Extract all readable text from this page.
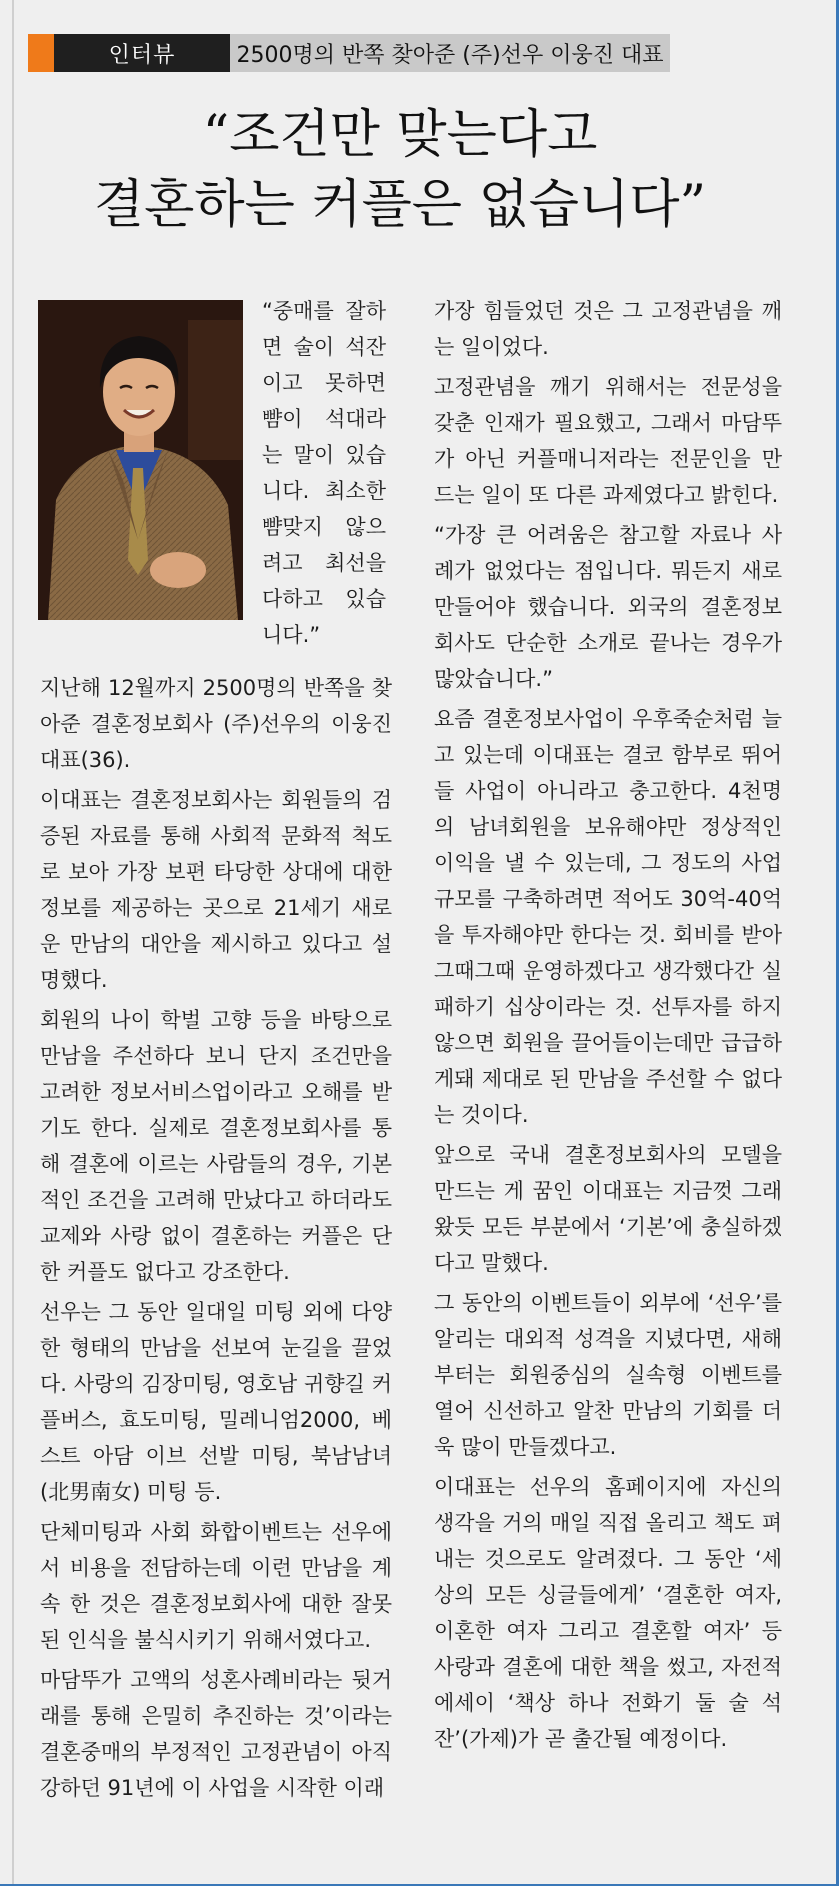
인터뷰	2500명의 반쪽 찾아준 (주)선우 이웅진 대표
“조건만 맞는다고
결혼하는 커플은 없습니다”

“중매를 잘하면 술이 석잔이고 못하면 뺨이 석대라는 말이 있습니다. 최소한 뺨맞지 않으려고 최선을 다하고 있습니다.”

지난해 12월까지 2500명의 반쪽을 찾아준 결혼정보회사 (주)선우의 이웅진 대표(36).

이대표는 결혼정보회사는 회원들의 검증된 자료를 통해 사회적 문화적 척도로 보아 가장 보편 타당한 상대에 대한 정보를 제공하는 곳으로 21세기 새로운 만남의 대안을 제시하고 있다고 설명했다.

회원의 나이 학벌 고향 등을 바탕으로 만남을 주선하다 보니 단지 조건만을 고려한 정보서비스업이라고 오해를 받기도 한다. 실제로 결혼정보회사를 통해 결혼에 이르는 사람들의 경우, 기본적인 조건을 고려해 만났다고 하더라도 교제와 사랑 없이 결혼하는 커플은 단 한 커플도 없다고 강조한다.

선우는 그 동안 일대일 미팅 외에 다양한 형태의 만남을 선보여 눈길을 끌었다. 사랑의 김장미팅, 영호남 귀향길 커플버스, 효도미팅, 밀레니엄2000, 베스트 아담 이브 선발 미팅, 북남남녀(北男南女) 미팅 등.

단체미팅과 사회 화합이벤트는 선우에서 비용을 전담하는데 이런 만남을 계속 한 것은 결혼정보회사에 대한 잘못된 인식을 불식시키기 위해서였다고.

마담뚜가 고액의 성혼사례비라는 뒷거래를 통해 은밀히 추진하는 것’이라는 결혼중매의 부정적인 고정관념이 아직 강하던 91년에 이 사업을 시작한 이래

가장 힘들었던 것은 그 고정관념을 깨는 일이었다.

고정관념을 깨기 위해서는 전문성을 갖춘 인재가 필요했고, 그래서 마담뚜가 아닌 커플매니저라는 전문인을 만드는 일이 또 다른 과제였다고 밝힌다.

“가장 큰 어려움은 참고할 자료나 사례가 없었다는 점입니다. 뭐든지 새로 만들어야 했습니다. 외국의 결혼정보회사도 단순한 소개로 끝나는 경우가 많았습니다.”

요즘 결혼정보사업이 우후죽순처럼 늘고 있는데 이대표는 결코 함부로 뛰어들 사업이 아니라고 충고한다. 4천명의 남녀회원을 보유해야만 정상적인 이익을 낼 수 있는데, 그 정도의 사업규모를 구축하려면 적어도 30억-40억을 투자해야만 한다는 것. 회비를 받아 그때그때 운영하겠다고 생각했다간 실패하기 십상이라는 것. 선투자를 하지 않으면 회원을 끌어들이는데만 급급하게돼 제대로 된 만남을 주선할 수 없다는 것이다.

앞으로 국내 결혼정보회사의 모델을 만드는 게 꿈인 이대표는 지금껏 그래왔듯 모든 부분에서 ‘기본’에 충실하겠다고 말했다.

그 동안의 이벤트들이 외부에 ‘선우’를 알리는 대외적 성격을 지녔다면, 새해부터는 회원중심의 실속형 이벤트를 열어 신선하고 알찬 만남의 기회를 더욱 많이 만들겠다고.

이대표는 선우의 홈페이지에 자신의 생각을 거의 매일 직접 올리고 책도 펴내는 것으로도 알려졌다. 그 동안 ‘세상의 모든 싱글들에게’ ‘결혼한 여자, 이혼한 여자 그리고 결혼할 여자’ 등 사랑과 결혼에 대한 책을 썼고, 자전적 에세이 ‘책상 하나 전화기 둘 술 석잔’(가제)가 곧 출간될 예정이다.
